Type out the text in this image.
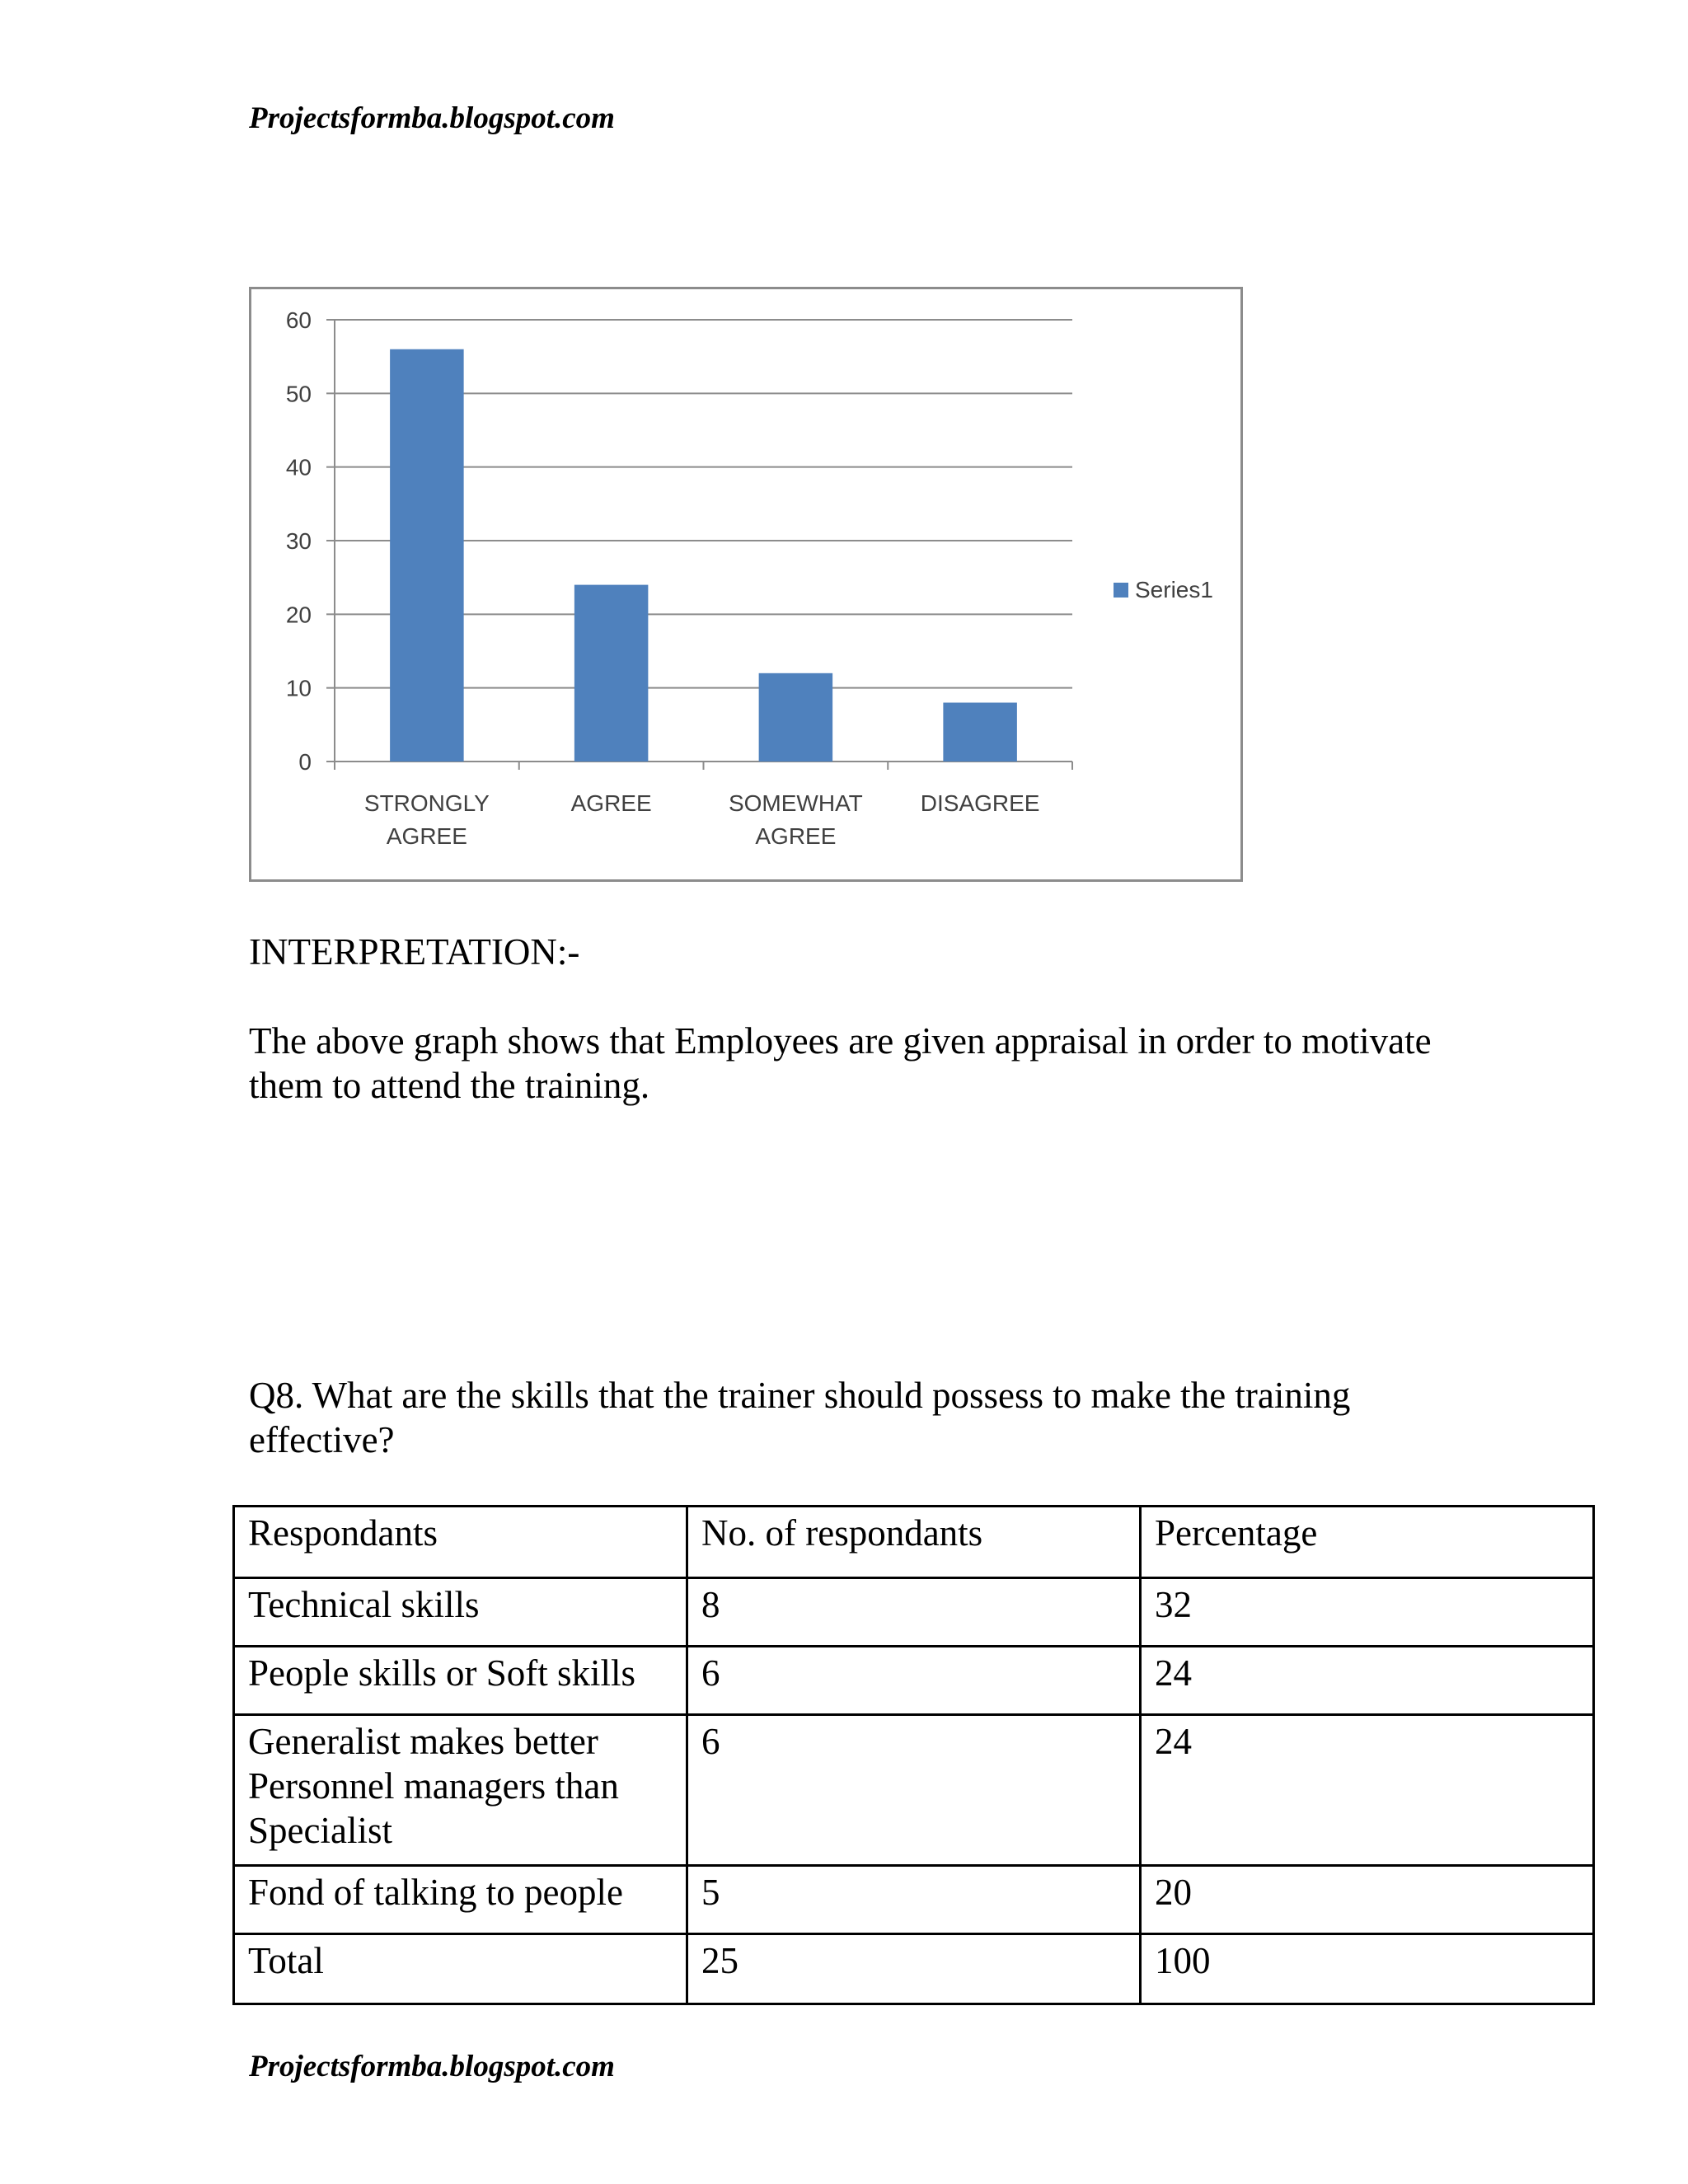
Projectsformba.blogspot.com

0
10
20
30
40
50
60
STRONGLY
AGREE
AGREE	SOMEWHAT
AGREE
DISAGREE
Series1
INTERPRETATION:-

The above graph shows that Employees are given appraisal in order to motivate them to attend the training.

Q8. What are the skills that the trainer should possess to make the training effective?

Respondants	No. of respondants	Percentage
Technical skills	8	32
People skills or Soft skills	6	24
Generalist makes better Personnel managers than Specialist	6	24
Fond of talking to people	5	20
Total	25	100

Projectsformba.blogspot.com
